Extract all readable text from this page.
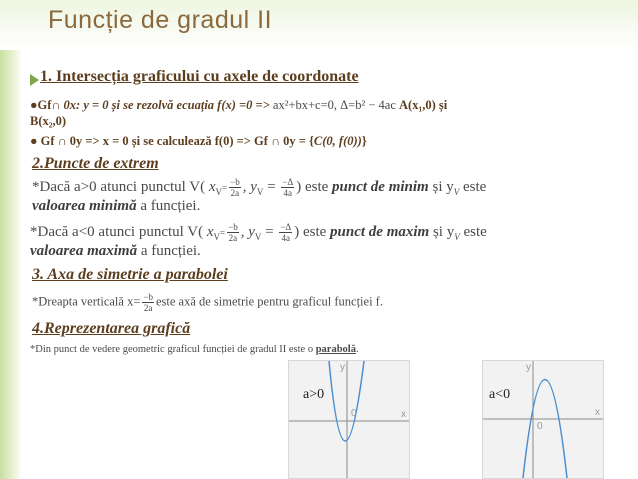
Funcție de gradul II
1. Intersecția graficului cu axele de coordonate
●Gf∩ 0x: y = 0 și se rezolvă ecuația f(x) =0 => ax²+bx+c=0, Δ=b² − 4ac A(x₁,0) și
B(x₂,0)
● Gf ∩ 0y => x = 0 și se calculează f(0) => Gf ∩ 0y = {C(0, f(0))}
2.Puncte de extrem
*Dacă a>0 atunci punctul V( $x_V= \frac{-b}{2a}$ , $y_V = \frac{-\Delta}{4a}$ ) este punct de minim și $y_V$ este
valoarea minimă a funcției.
*Dacă a<0 atunci punctul V( $x_V= \frac{-b}{2a}$ , $y_V = \frac{-\Delta}{4a}$ ) este punct de maxim și $y_V$ este
valoarea maximă a funcției.
3. Axa de simetrie a parabolei
*Dreapta verticală $x= \frac{-b}{2a}$ este axă de simetrie pentru graficul funcției f.
4.Reprezentarea grafică
*Din punct de vedere geometric graficul funcției de gradul II este o parabolă.
a>0
y
x
0
a<0
y
x
0
